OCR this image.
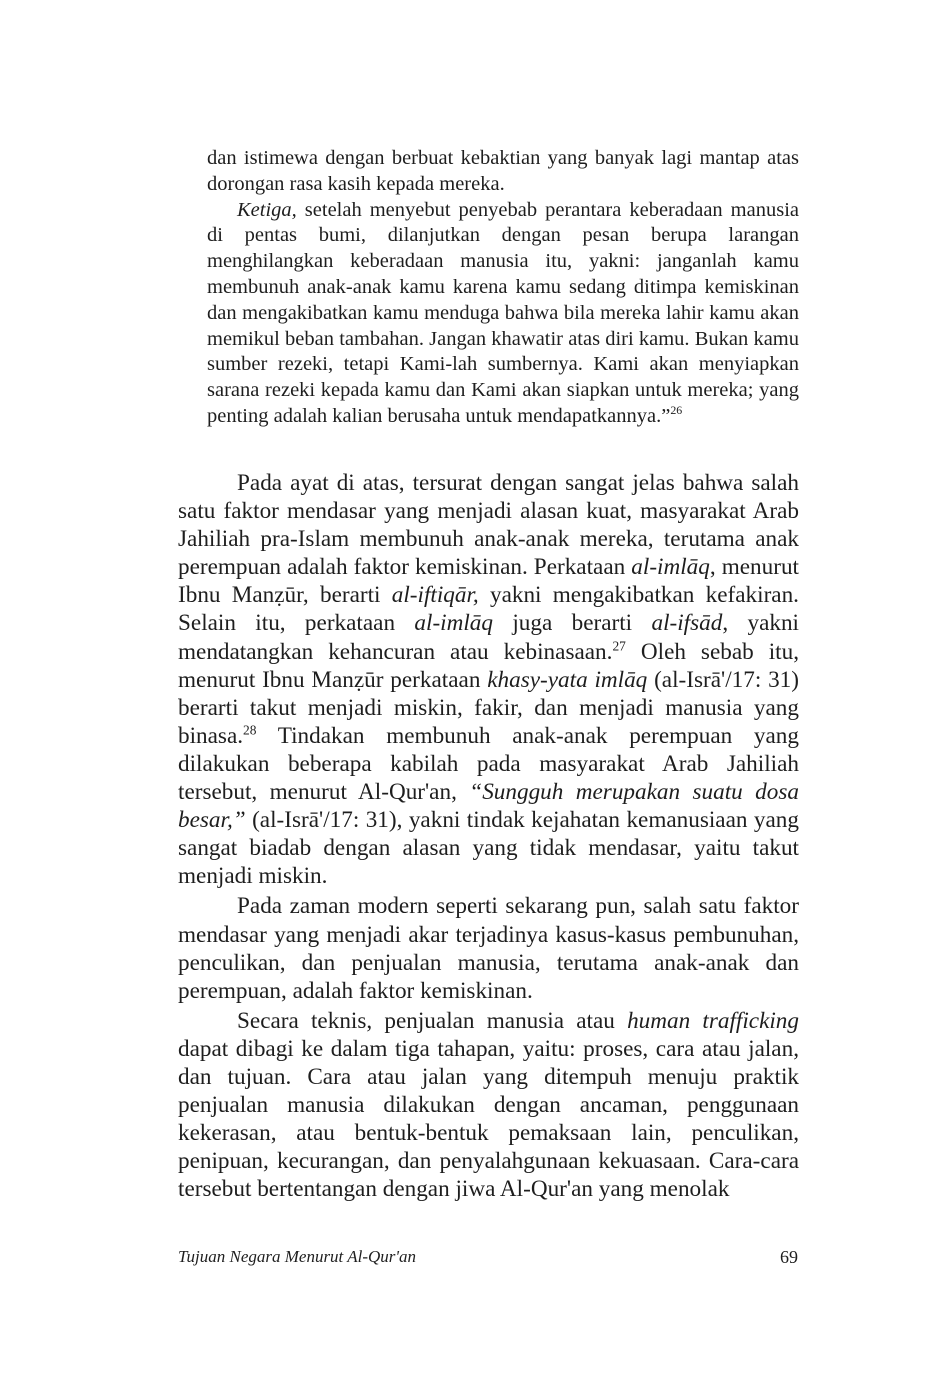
dan istimewa dengan berbuat kebaktian yang banyak lagi mantap atas dorongan rasa kasih kepada mereka.

Ketiga, setelah menyebut penyebab perantara keberadaan manusia di pentas bumi, dilanjutkan dengan pesan berupa larangan menghilangkan keberadaan manusia itu, yakni: janganlah kamu membunuh anak-anak kamu karena kamu sedang ditimpa kemiskinan dan mengakibatkan kamu menduga bahwa bila mereka lahir kamu akan memikul beban tambahan. Jangan khawatir atas diri kamu. Bukan kamu sumber rezeki, tetapi Kami-lah sumbernya. Kami akan menyiapkan sarana rezeki kepada kamu dan Kami akan siapkan untuk mereka; yang penting adalah kalian berusaha untuk mendapatkannya.”$^{26}$

Pada ayat di atas, tersurat dengan sangat jelas bahwa salah satu faktor mendasar yang menjadi alasan kuat, masyarakat Arab Jahiliah pra-Islam membunuh anak-anak mereka, terutama anak perempuan adalah faktor kemiskinan. Perkataan al-imlāq, menurut Ibnu Manẓūr, berarti al-iftiqār, yakni mengakibatkan kefakiran. Selain itu, perkataan al-imlāq juga berarti al-ifsād, yakni mendatangkan kehancuran atau kebinasaan.$^{27}$ Oleh sebab itu, menurut Ibnu Manẓūr perkataan khasy-yata imlāq (al-Isrā'/17: 31) berarti takut menjadi miskin, fakir, dan menjadi manusia yang binasa.$^{28}$ Tindakan membunuh anak-anak perempuan yang dilakukan beberapa kabilah pada masyarakat Arab Jahiliah tersebut, menurut Al-Qur'an, “Sungguh merupakan suatu dosa besar,” (al-Isrā'/17: 31), yakni tindak kejahatan kemanusiaan yang sangat biadab dengan alasan yang tidak mendasar, yaitu takut menjadi miskin.

Pada zaman modern seperti sekarang pun, salah satu faktor mendasar yang menjadi akar terjadinya kasus-kasus pembunuhan, penculikan, dan penjualan manusia, terutama anak-anak dan perempuan, adalah faktor kemiskinan.

Secara teknis, penjualan manusia atau human trafficking dapat dibagi ke dalam tiga tahapan, yaitu: proses, cara atau jalan, dan tujuan. Cara atau jalan yang ditempuh menuju praktik penjualan manusia dilakukan dengan ancaman, penggunaan kekerasan, atau bentuk-bentuk pemaksaan lain, penculikan, penipuan, kecurangan, dan penyalahgunaan kekuasaan. Cara-cara tersebut bertentangan dengan jiwa Al-Qur'an yang menolak

Tujuan Negara Menurut Al-Qur'an	69
